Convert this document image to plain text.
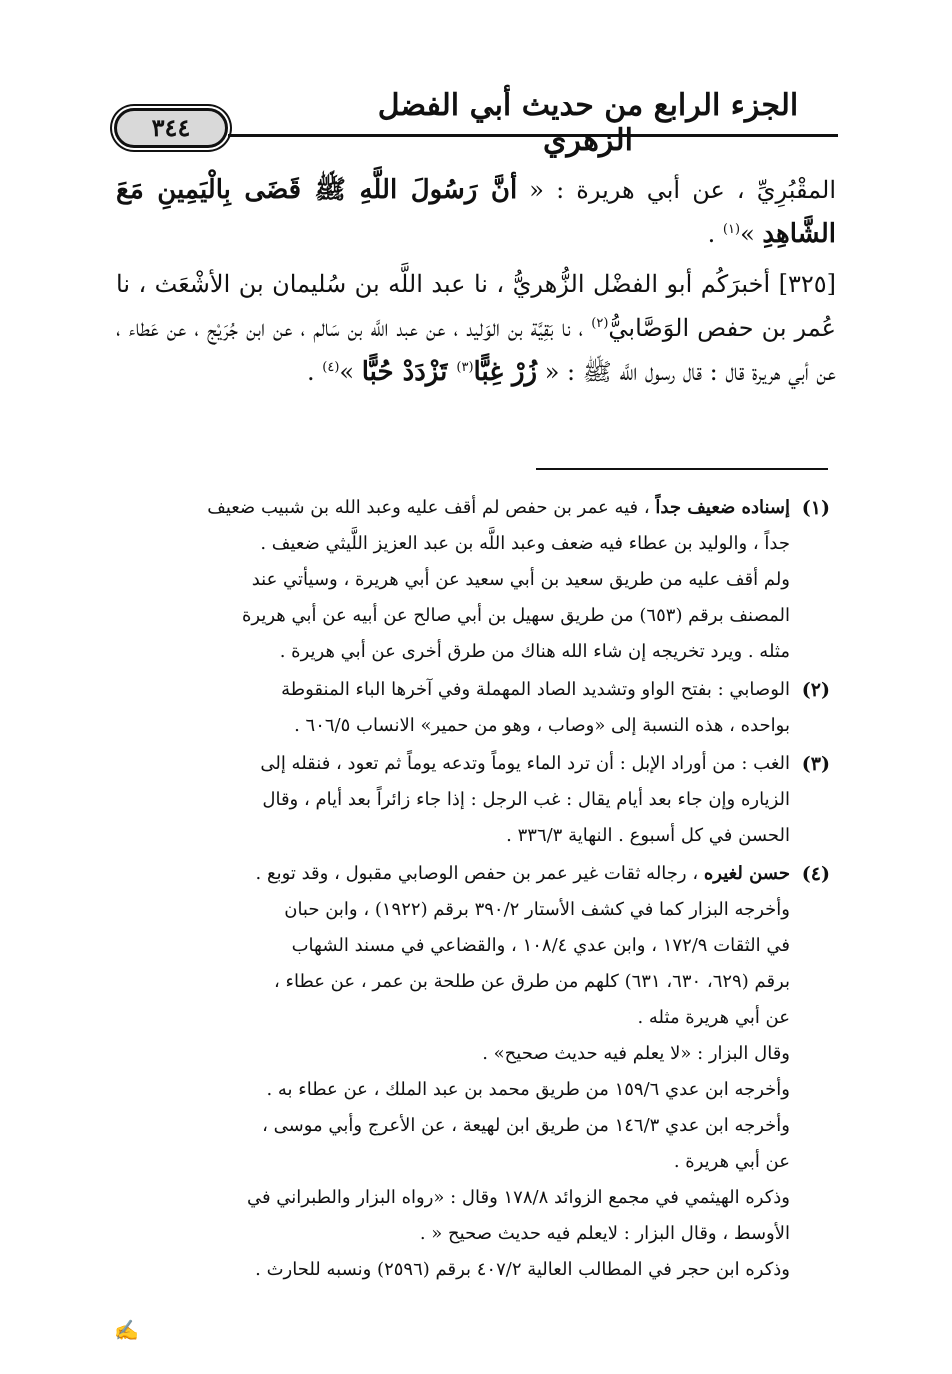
٣٤٤
الجزء الرابع من حديث أبي الفضل الزهري

المقْبُرِيِّ ، عن أبي هريرة : « أنَّ رَسُولَ اللَّهِ ﷺ قَضَى بِالْيَمِينِ مَعَ الشَّاهِدِ »$^{(١)}$ .

[٣٢٥] أخبرَكُم أبو الفضْل الزُّهريُّ ، نا عبد اللَّه بن سُليمان بن الأشْعَث ، نا عُمر بن حفص الوَصَّابيُّ$^{(٢)}$ ، نا بَقِيَّة بن الوَليد ، عن عبد اللَّه بن سَالم ، عن ابن جُرَيْج ، عن عَطاء ، عن أبي هريرة قال : قال رسول اللَّه ﷺ : « زُرْ غِبًّا$^{(٣)}$ تَزْدَدْ حُبًّا »$^{(٤)}$ .

(١)
إسناده ضعيف جداً ، فيه عمر بن حفص لم أقف عليه وعبد الله بن شبيب ضعيف
جداً ، والوليد بن عطاء فيه ضعف وعبد اللَّه بن عبد العزيز اللَّيثي ضعيف .
ولم أقف عليه من طريق سعيد بن أبي سعيد عن أبي هريرة ، وسيأتي عند
المصنف برقم (٦٥٣) من طريق سهيل بن أبي صالح عن أبيه عن أبي هريرة
مثله . ويرد تخريجه إن شاء الله هناك من طرق أخرى عن أبي هريرة .
(٢)
الوصابي : بفتح الواو وتشديد الصاد المهملة وفي آخرها الباء المنقوطة
بواحده ، هذه النسبة إلى «وصاب ، وهو من حمير» الانساب ٦٠٦/٥ .
(٣)
الغب : من أوراد الإبل : أن ترد الماء يوماً وتدعه يوماً ثم تعود ، فنقله إلى
الزياره وإن جاء بعد أيام يقال : غب الرجل : إذا جاء زائراً بعد أيام ، وقال
الحسن في كل أسبوع . النهاية ٣٣٦/٣ .
(٤)
حسن لغيره ، رجاله ثقات غير عمر بن حفص الوصابي مقبول ، وقد توبع .
وأخرجه البزار كما في كشف الأستار ٣٩٠/٢ برقم (١٩٢٢) ، وابن حبان
في الثقات ١٧٢/٩ ، وابن عدي ١٠٨/٤ ، والقضاعي في مسند الشهاب
برقم (٦٢٩، ٦٣٠، ٦٣١) كلهم من طرق عن طلحة بن عمر ، عن عطاء ،
عن أبي هريرة مثله .
وقال البزار : «لا يعلم فيه حديث صحيح» .
وأخرجه ابن عدي ١٥٩/٦ من طريق محمد بن عبد الملك ، عن عطاء به .
وأخرجه ابن عدي ١٤٦/٣ من طريق ابن لهيعة ، عن الأعرج وأبي موسى ،
عن أبي هريرة .
وذكره الهيثمي في مجمع الزوائد ١٧٨/٨ وقال : «رواه البزار والطبراني في
الأوسط ، وقال البزار : لايعلم فيه حديث صحيح « .
وذكره ابن حجر في المطالب العالية ٤٠٧/٢ برقم (٢٥٩٦) ونسبه للحارث .
✍
